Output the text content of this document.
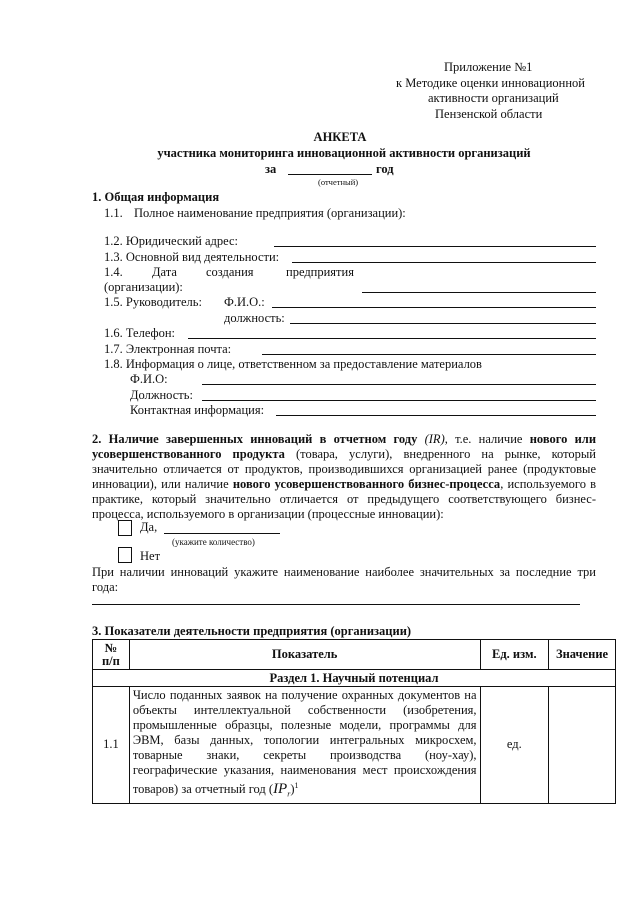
Приложение №1
к Методике оценки инновационной
активности организаций
Пензенской области
АНКЕТА
участника мониторинга инновационной активности организаций
за	год
(отчетный)
1. Общая информация
1.1. Полное наименование предприятия (организации):
1.2. Юридический адрес:
1.3. Основной вид деятельности:
1.4. Дата создания	предприятия
(организации):
1.5. Руководитель: Ф.И.О.:
должность:
1.6. Телефон:
1.7. Электронная почта:
1.8. Информация о лице, ответственном за предоставление материалов
Ф.И.О:
Должность:
Контактная информация:
2. Наличие завершенных инноваций в отчетном году (IR), т.е. наличие нового или усовершенствованного продукта (товара, услуги), внедренного на рынке, который значительно отличается от продуктов, производившихся организацией ранее (продуктовые инновации), или наличие нового усовершенствованного бизнес-процесса, используемого в практике, который значительно отличается от предыдущего соответствующего бизнес-процесса, используемого в организации (процессные инновации):
Да,
(укажите количество)
Нет
При наличии инноваций укажите наименование наиболее значительных за последние три года:
3. Показатели деятельности предприятия (организации)
№
п/п	Показатель	Ед. изм.	Значение
Раздел 1. Научный потенциал			
1.1	Число поданных заявок на получение охранных документов на объекты интеллектуальной собственности (изобретения, промышленные образцы, полезные модели, программы для ЭВМ, базы данных, топологии интегральных микросхем, товарные знаки, секреты производства (ноу-хау), географические указания, наименования мест происхождения товаров) за отчетный год $(IP_r)^1$	ед.	
